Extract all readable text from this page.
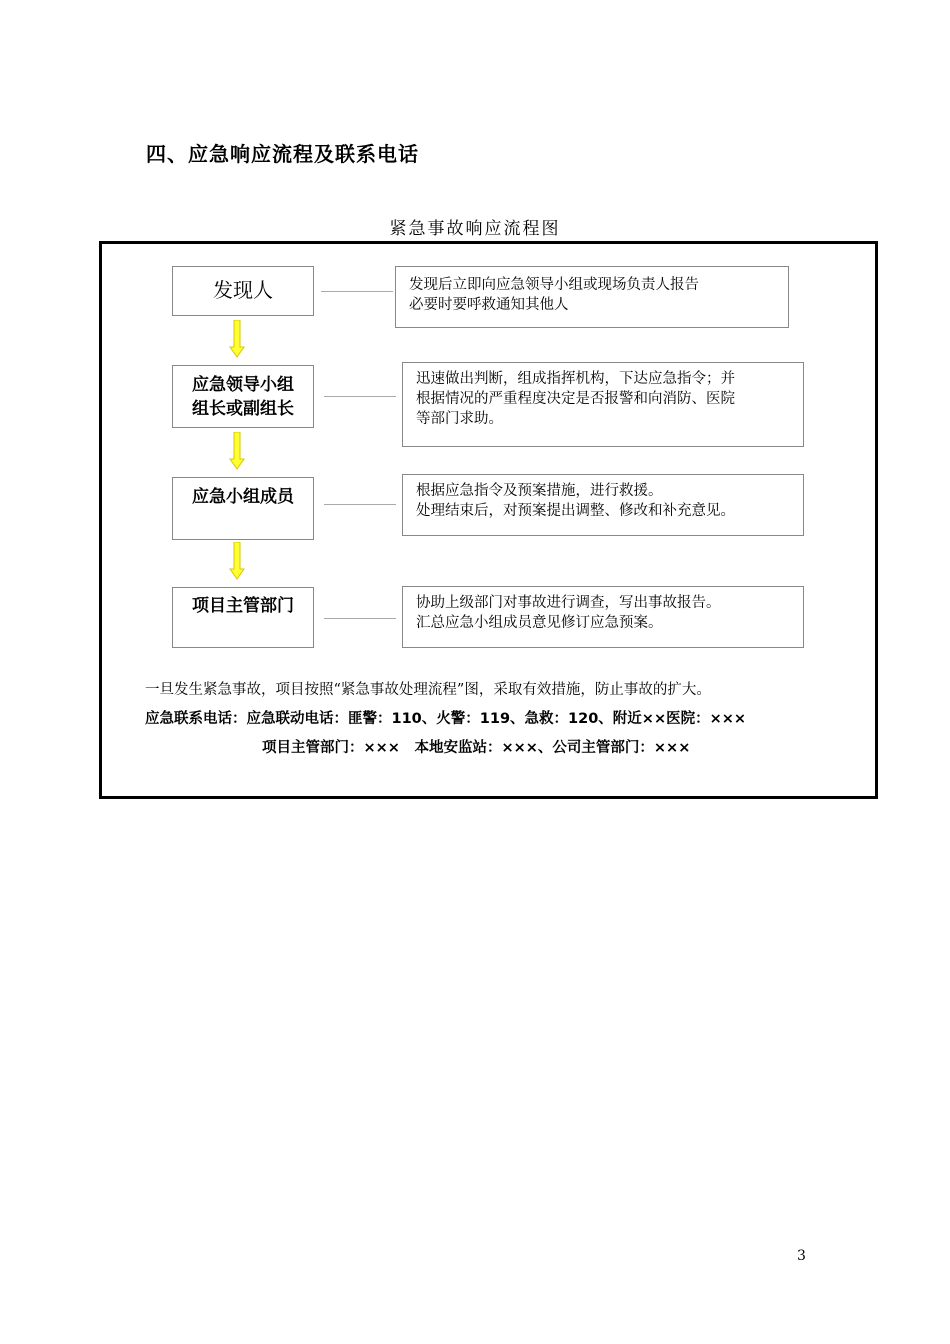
四、应急响应流程及联系电话
紧急事故响应流程图
发现人	发现后立即向应急领导小组或现场负责人报告
必要时要呼救通知其他人
应急领导小组
组长或副组长
迅速做出判断，组成指挥机构，下达应急指令；并
根据情况的严重程度决定是否报警和向消防、医院
等部门求助。
应急小组成员	根据应急指令及预案措施，进行救援。
处理结束后，对预案提出调整、修改和补充意见。
项目主管部门	协助上级部门对事故进行调查，写出事故报告。
汇总应急小组成员意见修订应急预案。
一旦发生紧急事故，项目按照“紧急事故处理流程”图，采取有效措施，防止事故的扩大。
应急联系电话：应急联动电话：匪警：110、火警：119、急救：120、附近××医院：×××
项目主管部门：×××　本地安监站：×××、公司主管部门：×××
3
